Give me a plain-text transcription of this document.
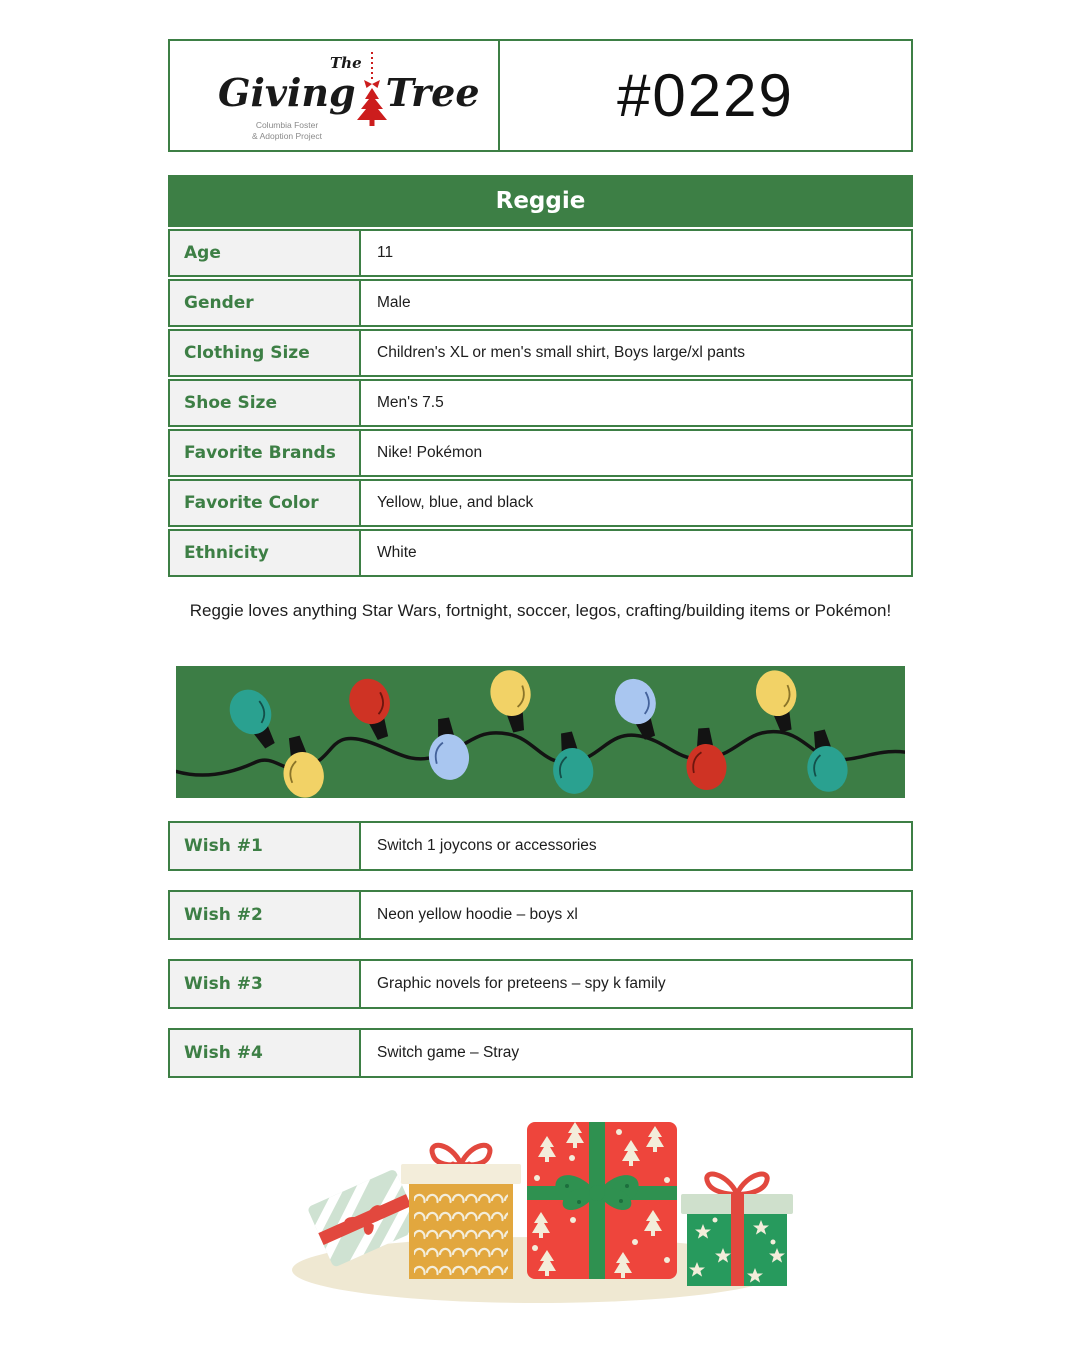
The
Giving Tree
Columbia Foster
& Adoption Project
#0229
Reggie
Age	11
Gender	Male
Clothing Size	Children's XL or men's small shirt, Boys large/xl pants
Shoe Size	Men's 7.5
Favorite Brands	Nike! Pokémon
Favorite Color	Yellow, blue, and black
Ethnicity	White
Reggie loves anything Star Wars, fortnight, soccer, legos, crafting/building items or Pokémon!
Wish #1	Switch 1 joycons or accessories
Wish #2	Neon yellow hoodie – boys xl
Wish #3	Graphic novels for preteens – spy k family
Wish #4	Switch game – Stray
